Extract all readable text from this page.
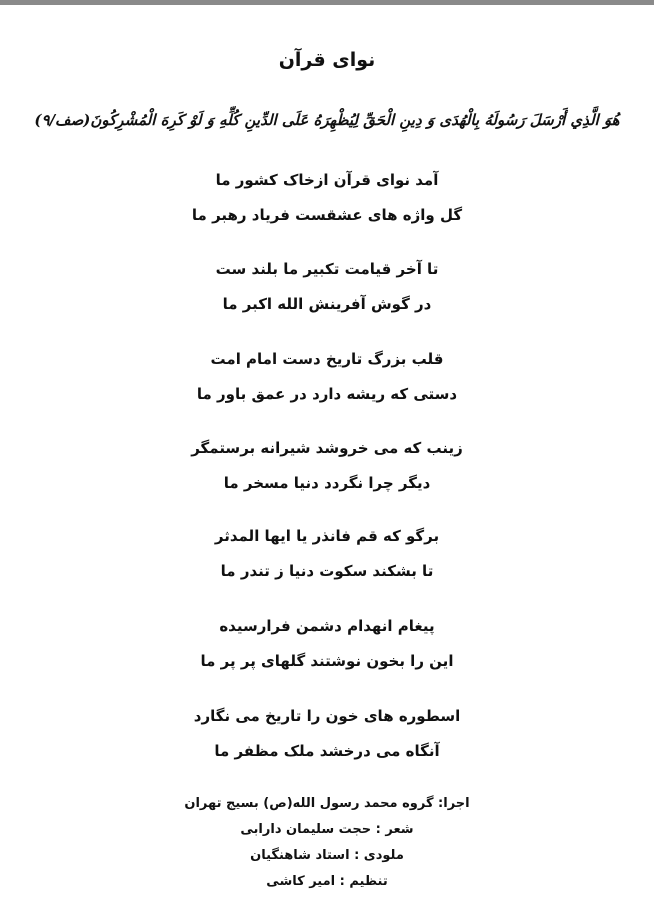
نوای قرآن
هُوَ الَّذِي أَرْسَلَ رَسُولَهُ بِالْهُدَى وَ دِينِ الْحَقِّ لِيُظْهِرَهُ عَلَى الدِّينِ كُلِّهِ وَ لَوْ كَرِهَ الْمُشْرِكُونَ(صف/۹)
آمد نوای قرآن ازخاک کشور ما
گل واژه های عشقست فریاد رهبر ما
تا آخر قیامت تکبیر ما بلند ست
در گوش آفرینش الله اکبر ما
قلب بزرگ تاریخ دست امام امت
دستی که ریشه دارد در عمق باور ما
زینب که می خروشد شیرانه برستمگر
دیگر چرا نگردد دنیا مسخر ما
برگو که قم فانذر یا ایها المدثر
تا بشکند سکوت دنیا ز تندر ما
پیغام انهدام دشمن فرارسیده
این را بخون نوشتند گلهای پر پر ما
اسطوره های خون را تاریخ می نگارد
آنگاه می درخشد ملک مظفر ما
اجرا: گروه محمد رسول الله(ص) بسیج تهران
شعر : حجت سلیمان دارابی
ملودی : استاد شاهنگیان
تنظیم : امیر کاشی
